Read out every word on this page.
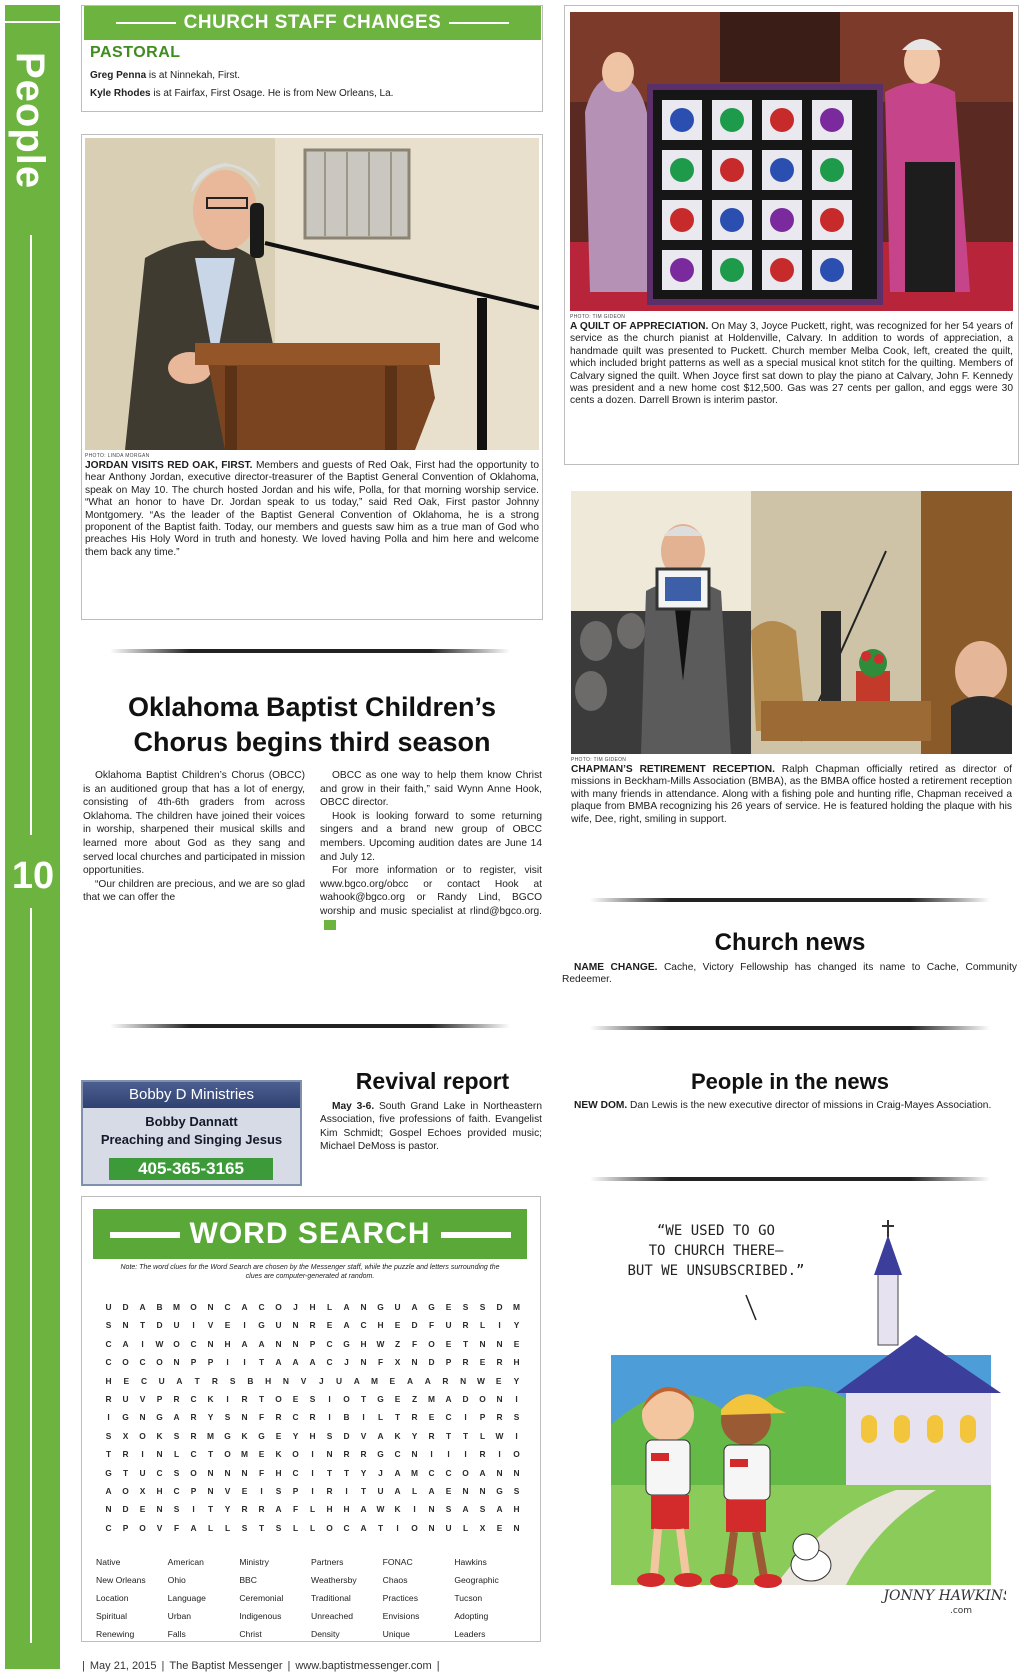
People
10
CHURCH STAFF CHANGES
PASTORAL
Greg Penna is at Ninnekah, First.
Kyle Rhodes is at Fairfax, First Osage. He is from New Orleans, La.
PHOTO: LINDA MORGAN
JORDAN VISITS RED OAK, FIRST. Members and guests of Red Oak, First had the opportunity to hear Anthony Jordan, executive director-treasurer of the Baptist General Convention of Oklahoma, speak on May 10. The church hosted Jordan and his wife, Polla, for that morning worship service. “What an honor to have Dr. Jordan speak to us today,” said Red Oak, First pastor Johnny Montgomery. “As the leader of the Baptist General Convention of Oklahoma, he is a strong proponent of the Baptist faith. Today, our members and guests saw him as a true man of God who preaches His Holy Word in truth and honesty. We loved having Polla and him here and welcome them back any time.”
PHOTO: TIM GIDEON
A QUILT OF APPRECIATION. On May 3, Joyce Puckett, right, was recognized for her 54 years of service as the church pianist at Holdenville, Calvary. In addition to words of appreciation, a handmade quilt was presented to Puckett. Church member Melba Cook, left, created the quilt, which included bright patterns as well as a special musical knot stitch for the quilting. Members of Calvary signed the quilt. When Joyce first sat down to play the piano at Calvary, John F. Kennedy was president and a new home cost $12,500. Gas was 27 cents per gallon, and eggs were 30 cents a dozen. Darrell Brown is interim pastor.
PHOTO: TIM GIDEON
CHAPMAN’S RETIREMENT RECEPTION. Ralph Chapman officially retired as director of missions in Beckham-Mills Association (BMBA), as the BMBA office hosted a retirement reception with many friends in attendance. Along with a fishing pole and hunting rifle, Chapman received a plaque from BMBA recognizing his 26 years of service. He is featured holding the plaque with his wife, Dee, right, smiling in support.
Oklahoma Baptist Children’s
Chorus begins third season

Oklahoma Baptist Children’s Chorus (OBCC) is an auditioned group that has a lot of energy, consisting of 4th-6th graders from across Oklahoma. The children have joined their voices in worship, sharpened their musical skills and learned more about God as they sang and served local churches and participated in mission opportunities.

“Our children are precious, and we are so glad that we can offer the

OBCC as one way to help them know Christ and grow in their faith,” said Wynn Anne Hook, OBCC director.

Hook is looking forward to some returning singers and a brand new group of OBCC members. Upcoming audition dates are June 14 and July 12.

For more information or to register, visit www.bgco.org/obcc or contact Hook at wahook@bgco.org or Randy Lind, BGCO worship and music specialist at rlind@bgco.org.

Church news
NAME CHANGE. Cache, Victory Fellowship has changed its name to Cache, Community Redeemer.
People in the news
NEW DOM. Dan Lewis is the new executive director of missions in Craig-Mayes Association.
Revival report
May 3-6. South Grand Lake in Northeastern Association, five professions of faith. Evangelist Kim Schmidt; Gospel Echoes provided music; Michael DeMoss is pastor.
Bobby D Ministries
Bobby Dannatt
Preaching and Singing Jesus
405-365-3165
WORD SEARCH
Note: The word clues for the Word Search are chosen by the Messenger staff, while the puzzle and letters surrounding the clues are computer-generated at random.
U	D	A	B	M	O	N	C	A	C	O	J	H	L	A	N	G	U	A	G	E	S	S	D	M
S	N	T	D	U	I	V	E	I	G	U	N	R	E	A	C	H	E	D	F	U	R	L	I	Y
C	A	I	W	O	C	N	H	A	A	N	N	P	C	G	H	W	Z	F	O	E	T	N	N	E
C	O	C	O	N	P	P	I	I	T	A	A	A	C	J	N	F	X	N	D	P	R	E	R	H
H	E	C	U	A	T	R	S	B	H	N	V	J	U	A	M	E	A	A	R	N	W	E	Y
R	U	V	P	R	C	K	I	R	T	O	E	S	I	O	T	G	E	Z	M	A	D	O	N	I
I	G	N	G	A	R	Y	S	N	F	R	C	R	I	B	I	L	T	R	E	C	I	P	R	S
S	X	O	K	S	R	M	G	K	G	E	Y	H	S	D	V	A	K	Y	R	T	T	L	W	I
T	R	I	N	L	C	T	O	M	E	K	O	I	N	R	R	G	C	N	I	I	I	R	I	O
G	T	U	C	S	O	N	N	N	F	H	C	I	T	T	Y	J	A	M	C	C	O	A	N	N
A	O	X	H	C	P	N	V	E	I	S	P	I	R	I	T	U	A	L	A	E	N	N	G	S
N	D	E	N	S	I	T	Y	R	R	A	F	L	H	H	A	W	K	I	N	S	A	S	A	H
C	P	O	V	F	A	L	L	S	T	S	L	L	O	C	A	T	I	O	N	U	L	X	E	N
Native	American	Ministry	Partners	FONAC	Hawkins
New Orleans	Ohio	BBC	Weathersby	Chaos	Geographic
Location	Language	Ceremonial	Traditional	Practices	Tucson
Spiritual	Urban	Indigenous	Unreached	Envisions	Adopting
Renewing	Falls	Christ	Density	Unique	Leaders
“WE USED TO GO
TO CHURCH THERE—
BUT WE UNSUBSCRIBED.”
JONNY HAWKINS
.com
| May 21, 2015 | The Baptist Messenger | www.baptistmessenger.com |
